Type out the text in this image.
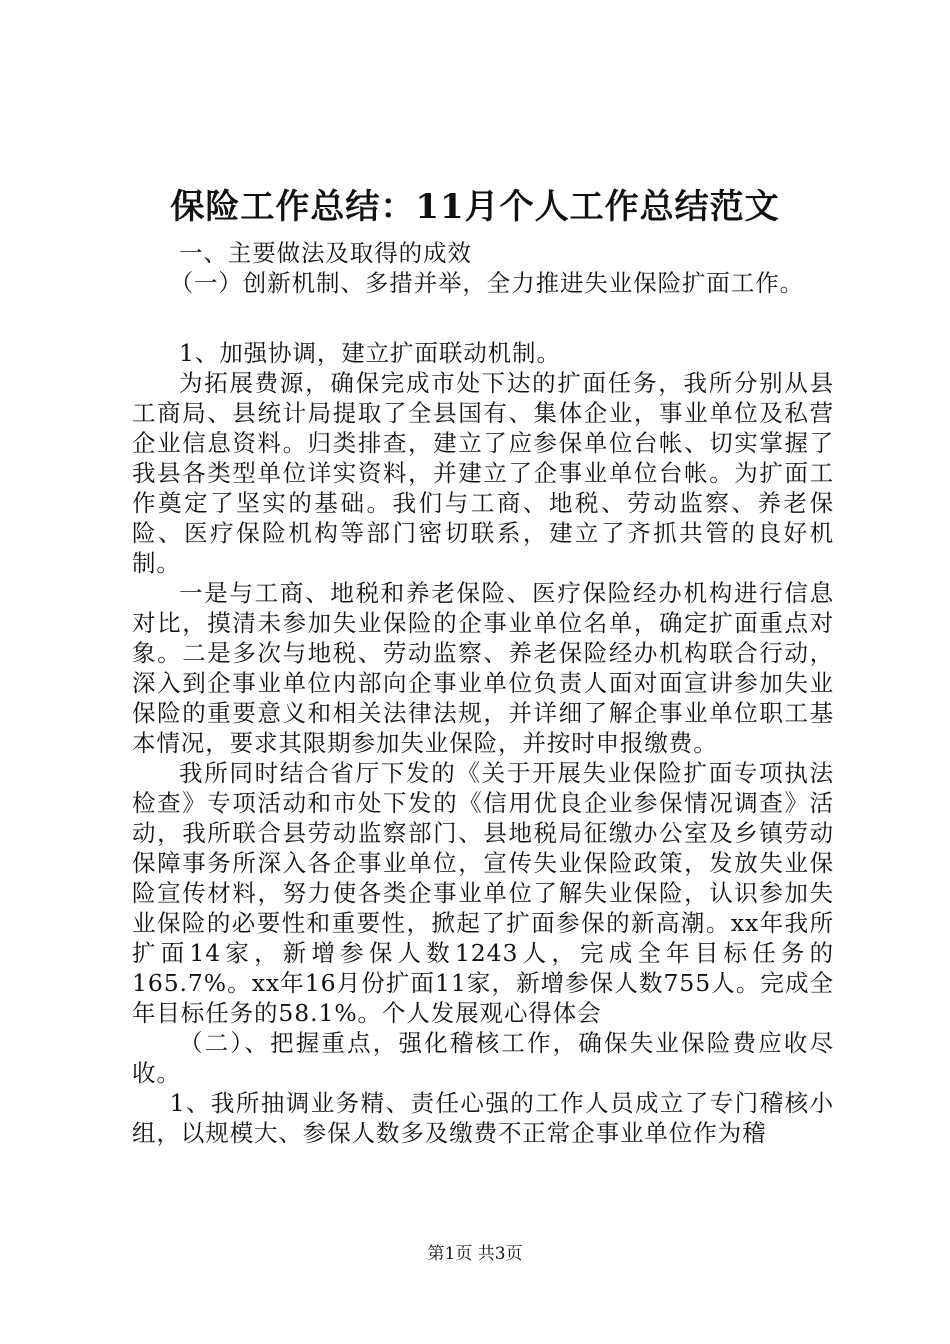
保险工作总结：11月个人工作总结范文

一、主要做法及取得的成效

（一）创新机制、多措并举，全力推进失业保险扩面工作。

1、加强协调，建立扩面联动机制。

为拓展费源，确保完成市处下达的扩面任务，我所分别从县工商局、县统计局提取了全县国有、集体企业，事业单位及私营企业信息资料。归类排查，建立了应参保单位台帐、切实掌握了我县各类型单位详实资料，并建立了企事业单位台帐。为扩面工作奠定了坚实的基础。我们与工商、地税、劳动监察、养老保险、医疗保险机构等部门密切联系，建立了齐抓共管的良好机制。

一是与工商、地税和养老保险、医疗保险经办机构进行信息对比，摸清未参加失业保险的企事业单位名单，确定扩面重点对象。二是多次与地税、劳动监察、养老保险经办机构联合行动，深入到企事业单位内部向企事业单位负责人面对面宣讲参加失业保险的重要意义和相关法律法规，并详细了解企事业单位职工基本情况，要求其限期参加失业保险，并按时申报缴费。

我所同时结合省厅下发的《关于开展失业保险扩面专项执法检查》专项活动和市处下发的《信用优良企业参保情况调查》活动，我所联合县劳动监察部门、县地税局征缴办公室及乡镇劳动保障事务所深入各企事业单位，宣传失业保险政策，发放失业保险宣传材料，努力使各类企事业单位了解失业保险，认识参加失业保险的必要性和重要性，掀起了扩面参保的新高潮。xx年我所扩面14家，新增参保人数1243人，完成全年目标任务的165.7%。xx年16月份扩面11家，新增参保人数755人。完成全年目标任务的58.1%。个人发展观心得体会

（二）、把握重点，强化稽核工作，确保失业保险费应收尽收。

1、我所抽调业务精、责任心强的工作人员成立了专门稽核小组，以规模大、参保人数多及缴费不正常企事业单位作为稽

第1页 共3页
